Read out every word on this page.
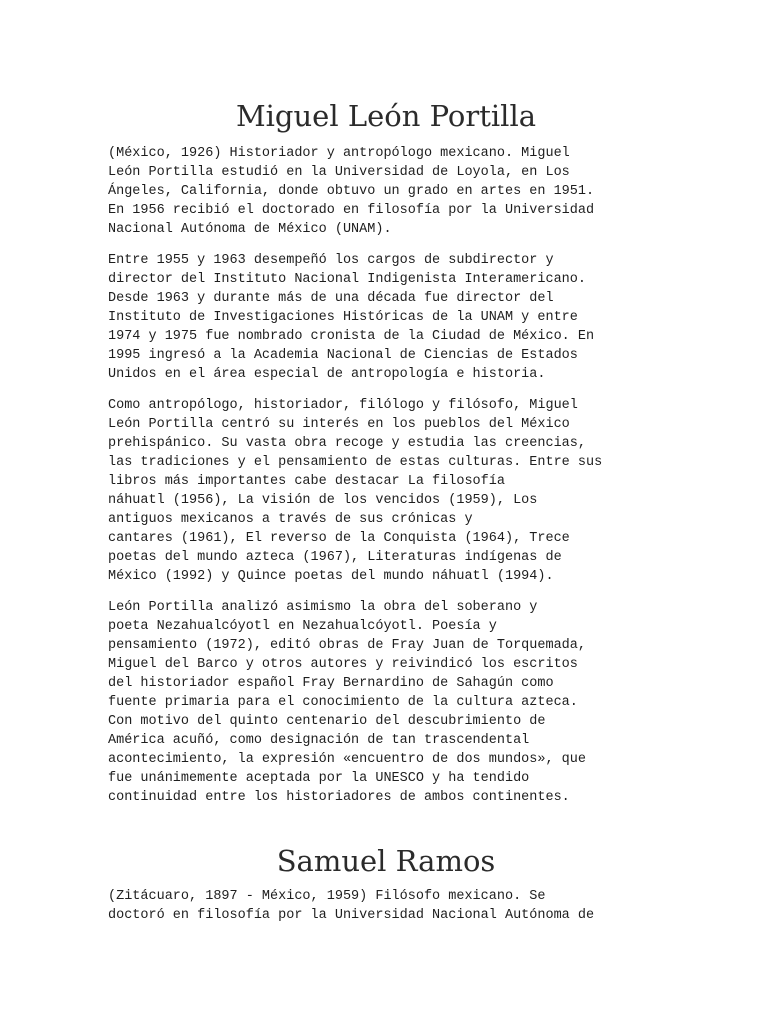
Miguel León Portilla

(México, 1926) Historiador y antropólogo mexicano. Miguel
León Portilla estudió en la Universidad de Loyola, en Los
Ángeles, California, donde obtuvo un grado en artes en 1951.
En 1956 recibió el doctorado en filosofía por la Universidad
Nacional Autónoma de México (UNAM).

Entre 1955 y 1963 desempeñó los cargos de subdirector y
director del Instituto Nacional Indigenista Interamericano.
Desde 1963 y durante más de una década fue director del
Instituto de Investigaciones Históricas de la UNAM y entre
1974 y 1975 fue nombrado cronista de la Ciudad de México. En
1995 ingresó a la Academia Nacional de Ciencias de Estados
Unidos en el área especial de antropología e historia.

Como antropólogo, historiador, filólogo y filósofo, Miguel
León Portilla centró su interés en los pueblos del México
prehispánico. Su vasta obra recoge y estudia las creencias,
las tradiciones y el pensamiento de estas culturas. Entre sus
libros más importantes cabe destacar La filosofía
náhuatl (1956), La visión de los vencidos (1959), Los
antiguos mexicanos a través de sus crónicas y
cantares (1961), El reverso de la Conquista (1964), Trece
poetas del mundo azteca (1967), Literaturas indígenas de
México (1992) y Quince poetas del mundo náhuatl (1994).

León Portilla analizó asimismo la obra del soberano y
poeta Nezahualcóyotl en Nezahualcóyotl. Poesía y
pensamiento (1972), editó obras de Fray Juan de Torquemada,
Miguel del Barco y otros autores y reivindicó los escritos
del historiador español Fray Bernardino de Sahagún como
fuente primaria para el conocimiento de la cultura azteca.
Con motivo del quinto centenario del descubrimiento de
América acuñó, como designación de tan trascendental
acontecimiento, la expresión «encuentro de dos mundos», que
fue unánimemente aceptada por la UNESCO y ha tendido
continuidad entre los historiadores de ambos continentes.

Samuel Ramos

(Zitácuaro, 1897 - México, 1959) Filósofo mexicano. Se
doctoró en filosofía por la Universidad Nacional Autónoma de
